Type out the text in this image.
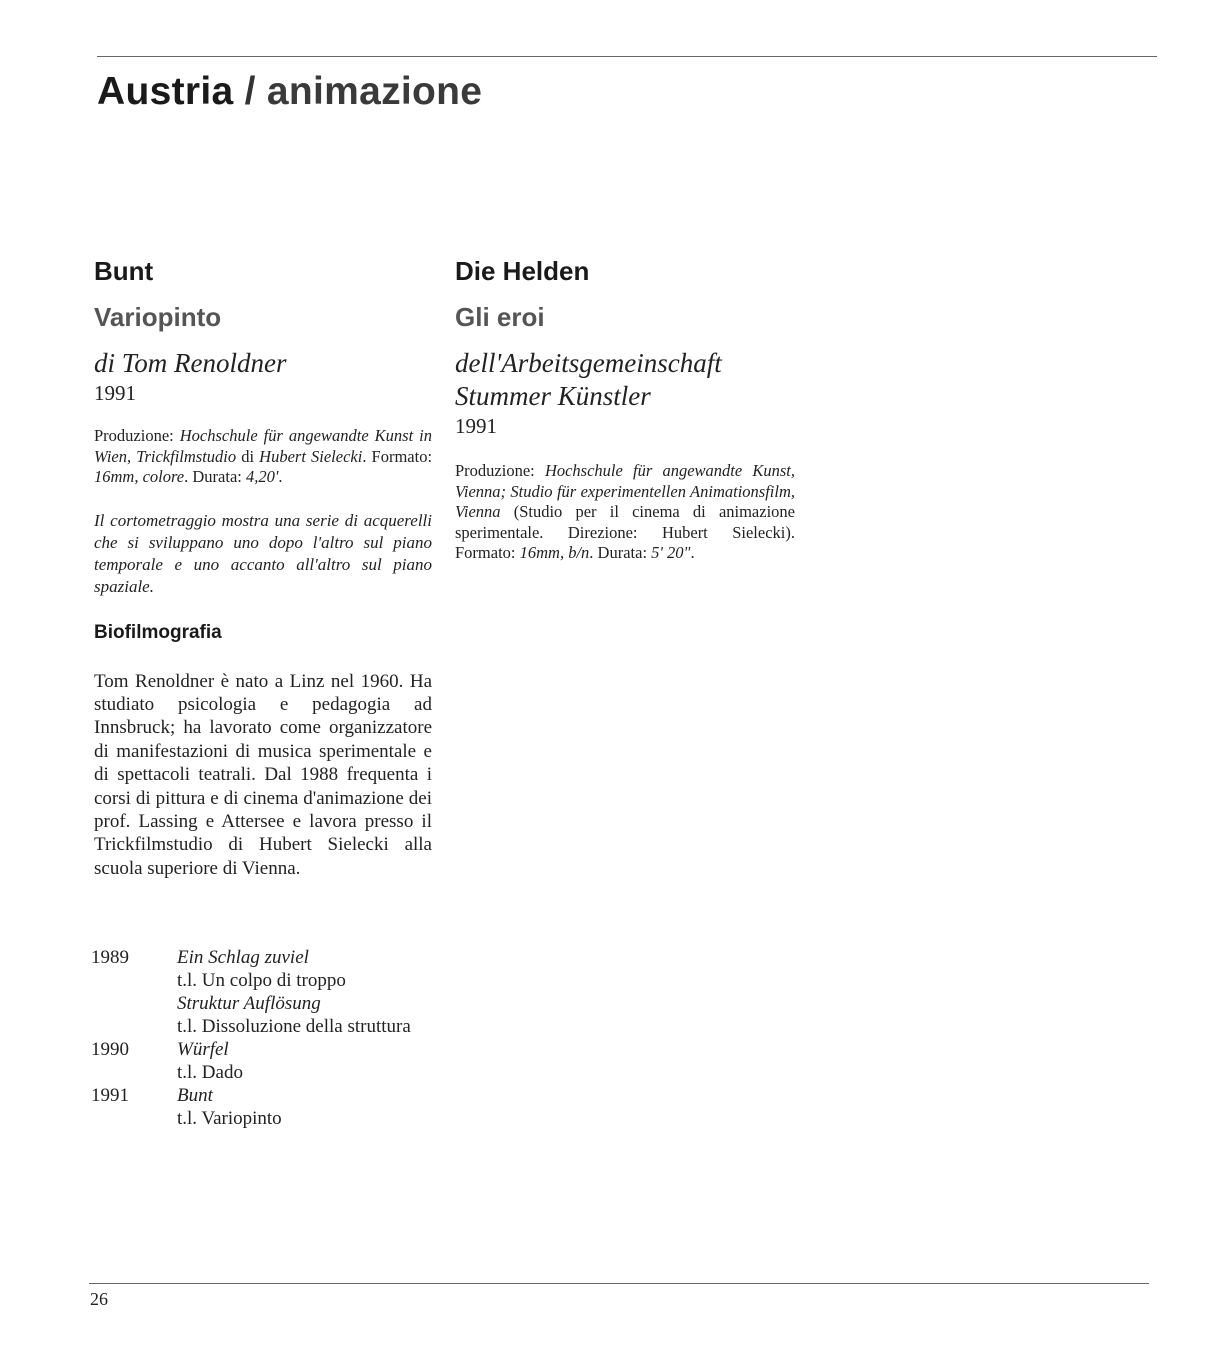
Austria / animazione
Bunt
Variopinto
di Tom Renoldner
1991
Produzione: Hochschule für angewandte Kunst in Wien, Trickfilmstudio di Hubert Sielecki. Formato: 16mm, colore. Durata: 4,20'.
Il cortometraggio mostra una serie di acquerelli che si sviluppano uno dopo l'altro sul piano temporale e uno accanto all'altro sul piano spaziale.
Biofilmografia
Tom Renoldner è nato a Linz nel 1960. Ha studiato psicologia e pedagogia ad Innsbruck; ha lavorato come organizzatore di manifestazioni di musica sperimentale e di spettacoli teatrali. Dal 1988 frequenta i corsi di pittura e di cinema d'animazione dei prof. Lassing e Attersee e lavora presso il Trickfilmstudio di Hubert Sielecki alla scuola superiore di Vienna.
1989	Ein Schlag zuviel
t.l. Un colpo di troppo
Struktur Auflösung
t.l. Dissoluzione della struttura
1990	Würfel
t.l. Dado
1991	Bunt
t.l. Variopinto
Die Helden
Gli eroi
dell'Arbeitsgemeinschaft
Stummer Künstler
1991
Produzione: Hochschule für angewandte Kunst, Vienna; Studio für experimentellen Animationsfilm, Vienna (Studio per il cinema di animazione sperimentale. Direzione: Hubert Sielecki). Formato: 16mm, b/n. Durata: 5' 20".
26
